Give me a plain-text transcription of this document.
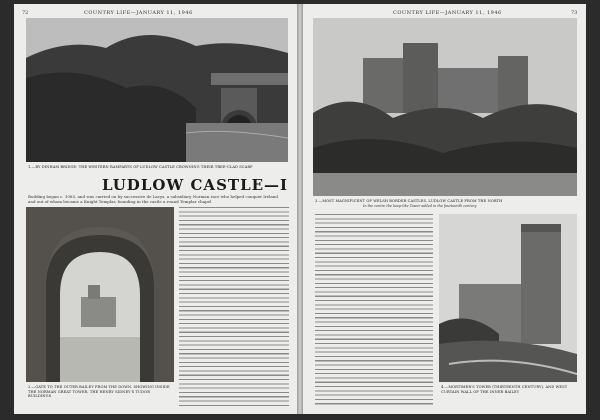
72	COUNTRY LIFE—JANUARY 11, 1946
1.—BY DINHAM BRIDGE: THE WESTERN RAMPARTS OF LUDLOW CASTLE CROWNING THEIR TREE-CLAD SCARP
LUDLOW CASTLE—I
Building began c. 1085, and was carried on by successive de Lacys, a subsidiary Norman race who helped conquer Ireland and out of whom became a Knight Templar, founding in the castle a round Templar chapel
2.—GATE TO THE OUTER BAILEY FROM THE DOWN. SHOWING INSIDE THE NORMAN GREAT TOWER, THE HENRY SIDNEY'S TUDOR BUILDINGS
COUNTRY LIFE—JANUARY 11, 1946	73
3.—MOST MAGNIFICENT OF WELSH BORDER CASTLES, LUDLOW CASTLE FROM THE NORTH
In the centre the keep-like Tower added in the fourteenth century
4.—MORTIMER'S TOWER (THIRTEENTH CENTURY), AND WEST CURTAIN WALL OF THE INNER BAILEY
